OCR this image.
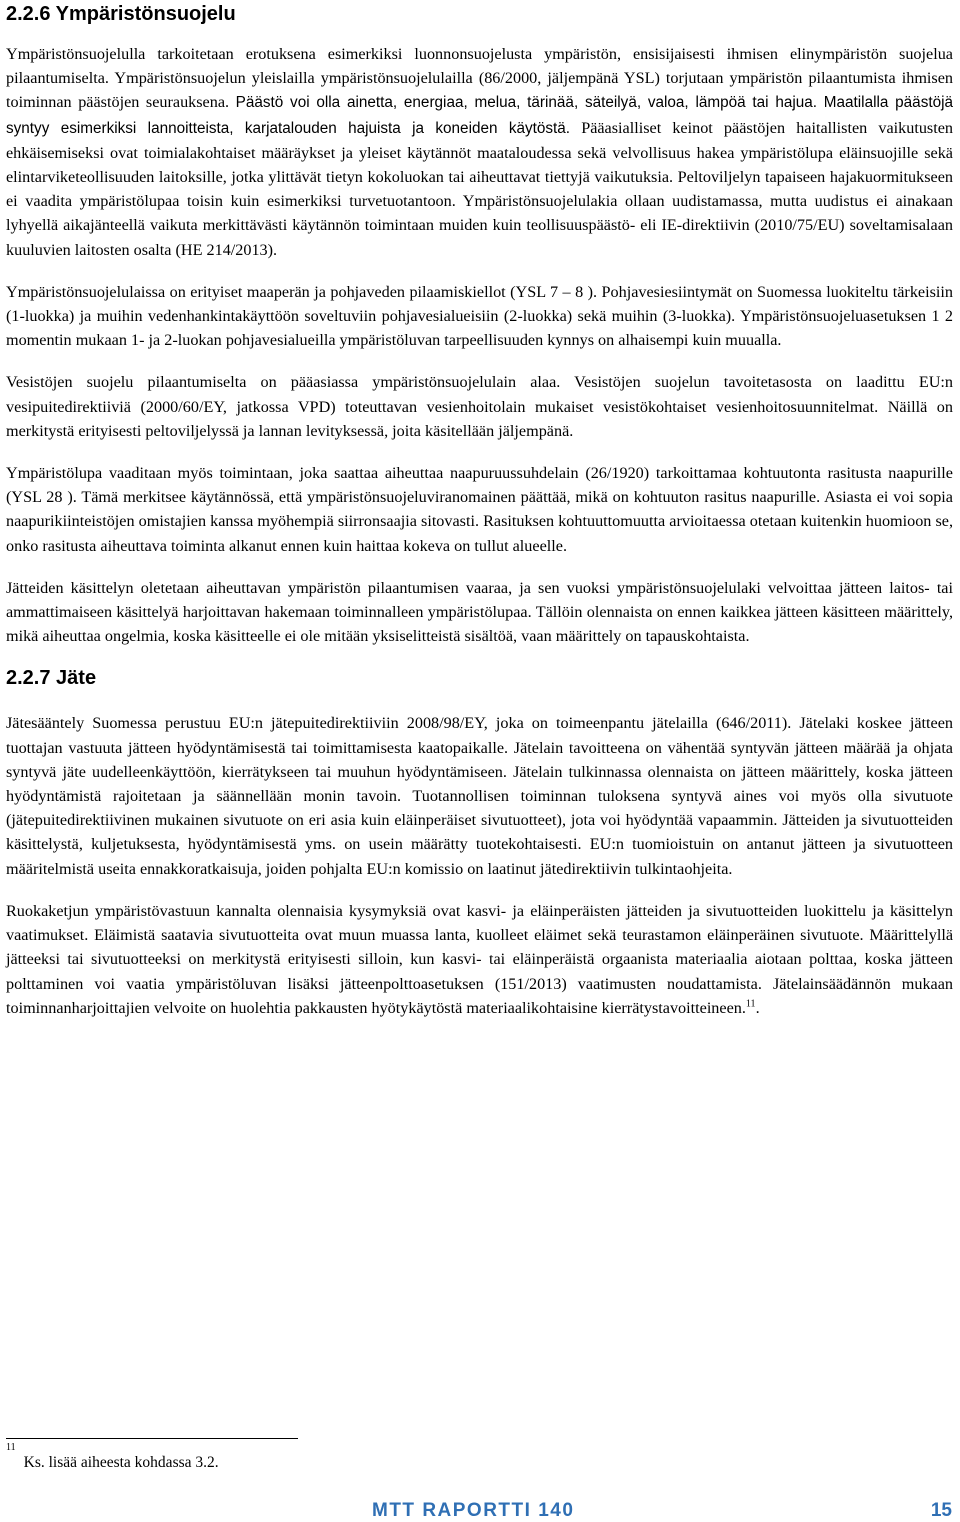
2.2.6 Ympäristönsuojelu

Ympäristönsuojelulla tarkoitetaan erotuksena esimerkiksi luonnonsuojelusta ympäristön, ensisijaisesti ihmisen elinympäristön suojelua pilaantumiselta. Ympäristönsuojelun yleislailla ympäristönsuojelulailla (86/2000, jäljempänä YSL) torjutaan ympäristön pilaantumista ihmisen toiminnan päästöjen seurauksena. Päästö voi olla ainetta, energiaa, melua, tärinää, säteilyä, valoa, lämpöä tai hajua. Maatilalla päästöjä syntyy esimerkiksi lannoitteista, karjatalouden hajuista ja koneiden käytöstä. Pääasialliset keinot päästöjen haitallisten vaikutusten ehkäisemiseksi ovat toimialakohtaiset määräykset ja yleiset käytännöt maataloudessa sekä velvollisuus hakea ympäristölupa eläinsuojille sekä elintarviketeollisuuden laitoksille, jotka ylittävät tietyn kokoluokan tai aiheuttavat tiettyjä vaikutuksia. Peltoviljelyn tapaiseen hajakuormitukseen ei vaadita ympäristölupaa toisin kuin esimerkiksi turvetuotantoon. Ympäristönsuojelulakia ollaan uudistamassa, mutta uudistus ei ainakaan lyhyellä aikajänteellä vaikuta merkittävästi käytännön toimintaan muiden kuin teollisuuspäästö- eli IE-direktiivin (2010/75/EU) soveltamisalaan kuuluvien laitosten osalta (HE 214/2013).

Ympäristönsuojelulaissa on erityiset maaperän ja pohjaveden pilaamiskiellot (YSL 7 – 8 ). Pohjavesiesiintymät on Suomessa luokiteltu tärkeisiin (1-luokka) ja muihin vedenhankintakäyttöön soveltuviin pohjavesialueisiin (2-luokka) sekä muihin (3-luokka). Ympäristönsuojeluasetuksen 1 2 momentin mukaan 1- ja 2-luokan pohjavesialueilla ympäristöluvan tarpeellisuuden kynnys on alhaisempi kuin muualla.

Vesistöjen suojelu pilaantumiselta on pääasiassa ympäristönsuojelulain alaa. Vesistöjen suojelun tavoitetasosta on laadittu EU:n vesipuitedirektiiviä (2000/60/EY, jatkossa VPD) toteuttavan vesienhoitolain mukaiset vesistökohtaiset vesienhoitosuunnitelmat. Näillä on merkitystä erityisesti peltoviljelyssä ja lannan levityksessä, joita käsitellään jäljempänä.

Ympäristölupa vaaditaan myös toimintaan, joka saattaa aiheuttaa naapuruussuhdelain (26/1920) tarkoittamaa kohtuutonta rasitusta naapurille (YSL 28 ). Tämä merkitsee käytännössä, että ympäristönsuojeluviranomainen päättää, mikä on kohtuuton rasitus naapurille. Asiasta ei voi sopia naapurikiinteistöjen omistajien kanssa myöhempiä siirronsaajia sitovasti. Rasituksen kohtuuttomuutta arvioitaessa otetaan kuitenkin huomioon se, onko rasitusta aiheuttava toiminta alkanut ennen kuin haittaa kokeva on tullut alueelle.

Jätteiden käsittelyn oletetaan aiheuttavan ympäristön pilaantumisen vaaraa, ja sen vuoksi ympäristönsuojelulaki velvoittaa jätteen laitos- tai ammattimaiseen käsittelyä harjoittavan hakemaan toiminnalleen ympäristölupaa. Tällöin olennaista on ennen kaikkea jätteen käsitteen määrittely, mikä aiheuttaa ongelmia, koska käsitteelle ei ole mitään yksiselitteistä sisältöä, vaan määrittely on tapauskohtaista.

2.2.7 Jäte

Jätesääntely Suomessa perustuu EU:n jätepuitedirektiiviin 2008/98/EY, joka on toimeenpantu jätelailla (646/2011). Jätelaki koskee jätteen tuottajan vastuuta jätteen hyödyntämisestä tai toimittamisesta kaatopaikalle. Jätelain tavoitteena on vähentää syntyvän jätteen määrää ja ohjata syntyvä jäte uudelleenkäyttöön, kierrätykseen tai muuhun hyödyntämiseen. Jätelain tulkinnassa olennaista on jätteen määrittely, koska jätteen hyödyntämistä rajoitetaan ja säännellään monin tavoin. Tuotannollisen toiminnan tuloksena syntyvä aines voi myös olla sivutuote (jätepuitedirektiivinen mukainen sivutuote on eri asia kuin eläinperäiset sivutuotteet), jota voi hyödyntää vapaammin. Jätteiden ja sivutuotteiden käsittelystä, kuljetuksesta, hyödyntämisestä yms. on usein määrätty tuotekohtaisesti. EU:n tuomioistuin on antanut jätteen ja sivutuotteen määritelmistä useita ennakkoratkaisuja, joiden pohjalta EU:n komissio on laatinut jätedirektiivin tulkintaohjeita.

Ruokaketjun ympäristövastuun kannalta olennaisia kysymyksiä ovat kasvi- ja eläinperäisten jätteiden ja sivutuotteiden luokittelu ja käsittelyn vaatimukset. Eläimistä saatavia sivutuotteita ovat muun muassa lanta, kuolleet eläimet sekä teurastamon eläinperäinen sivutuote. Määrittelyllä jätteeksi tai sivutuotteeksi on merkitystä erityisesti silloin, kun kasvi- tai eläinperäistä orgaanista materiaalia aiotaan polttaa, koska jätteen polttaminen voi vaatia ympäristöluvan lisäksi jätteenpolttoasetuksen (151/2013) vaatimusten noudattamista. Jätelainsäädännön mukaan toiminnanharjoittajien velvoite on huolehtia pakkausten hyötykäytöstä materiaalikohtaisine kierrätystavoitteineen.$^{11}$.

$^{11}$Ks. lisää aiheesta kohdassa 3.2.
MTT RAPORTTI 140	15
